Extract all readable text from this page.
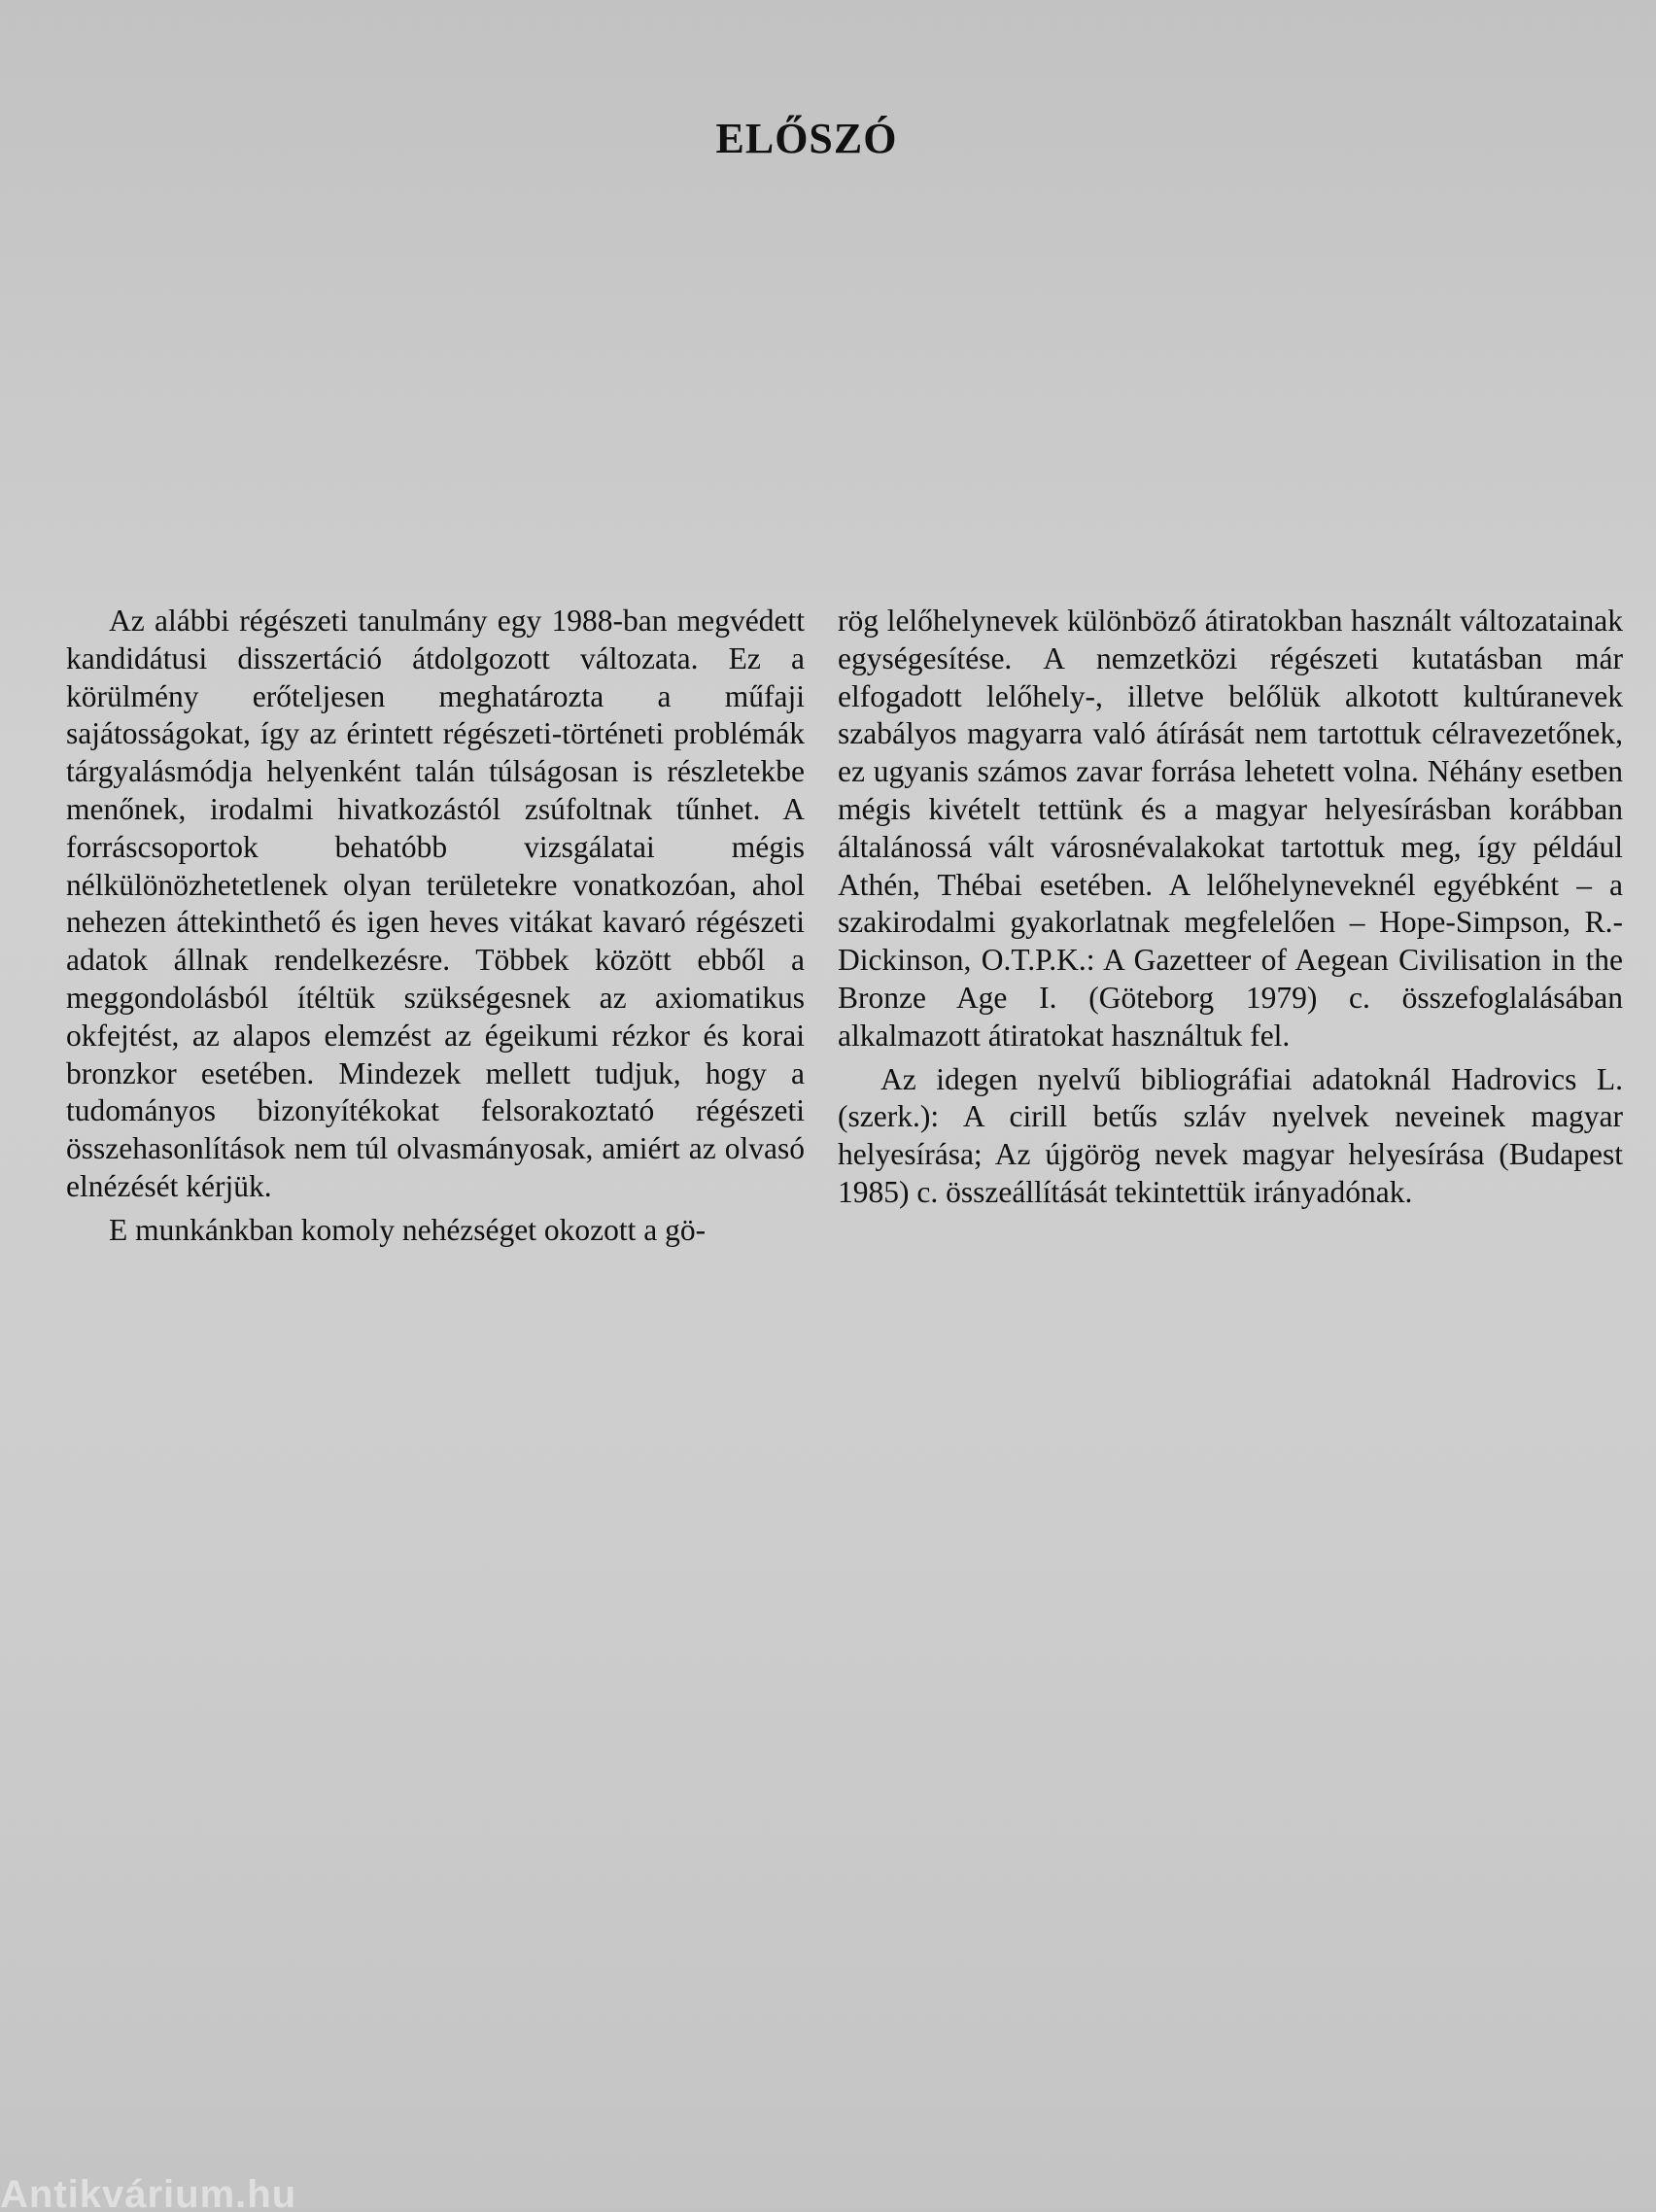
ELŐSZÓ

Az alábbi régészeti tanulmány egy 1988-ban megvédett kandidátusi disszertáció átdolgozott változata. Ez a körülmény erőteljesen meghatározta a műfaji sajátosságokat, így az érintett régészeti-történeti problémák tárgyalásmódja helyenként talán túlságosan is részletekbe menőnek, irodalmi hivatkozástól zsúfoltnak tűnhet. A forráscsoportok behatóbb vizsgálatai mégis nélkülönözhetetlenek olyan területekre vonatkozóan, ahol nehezen áttekinthető és igen heves vitákat kavaró régészeti adatok állnak rendelkezésre. Többek között ebből a meggondolásból ítéltük szükségesnek az axiomatikus okfejtést, az alapos elemzést az égeikumi rézkor és korai bronzkor esetében. Mindezek mellett tudjuk, hogy a tudományos bizonyítékokat felsorakoztató régészeti összehasonlítások nem túl olvasmányosak, amiért az olvasó elnézését kérjük.

E munkánkban komoly nehézséget okozott a gö-

rög lelőhelynevek különböző átiratokban használt változatainak egységesítése. A nemzetközi régészeti kutatásban már elfogadott lelőhely-, illetve belőlük alkotott kultúranevek szabályos magyarra való átírását nem tartottuk célravezetőnek, ez ugyanis számos zavar forrása lehetett volna. Néhány esetben mégis kivételt tettünk és a magyar helyesírásban korábban általánossá vált városnévalakokat tartottuk meg, így például Athén, Thébai esetében. A lelőhelyneveknél egyébként – a szakirodalmi gyakorlatnak megfelelően – Hope-Simpson, R.-Dickinson, O.T.P.K.: A Gazetteer of Aegean Civilisation in the Bronze Age I. (Göteborg 1979) c. összefoglalásában alkalmazott átiratokat használtuk fel.

Az idegen nyelvű bibliográfiai adatoknál Hadrovics L. (szerk.): A cirill betűs szláv nyelvek neveinek magyar helyesírása; Az újgörög nevek magyar helyesírása (Budapest 1985) c. összeállítását tekintettük irányadónak.

Antikvárium.hu
